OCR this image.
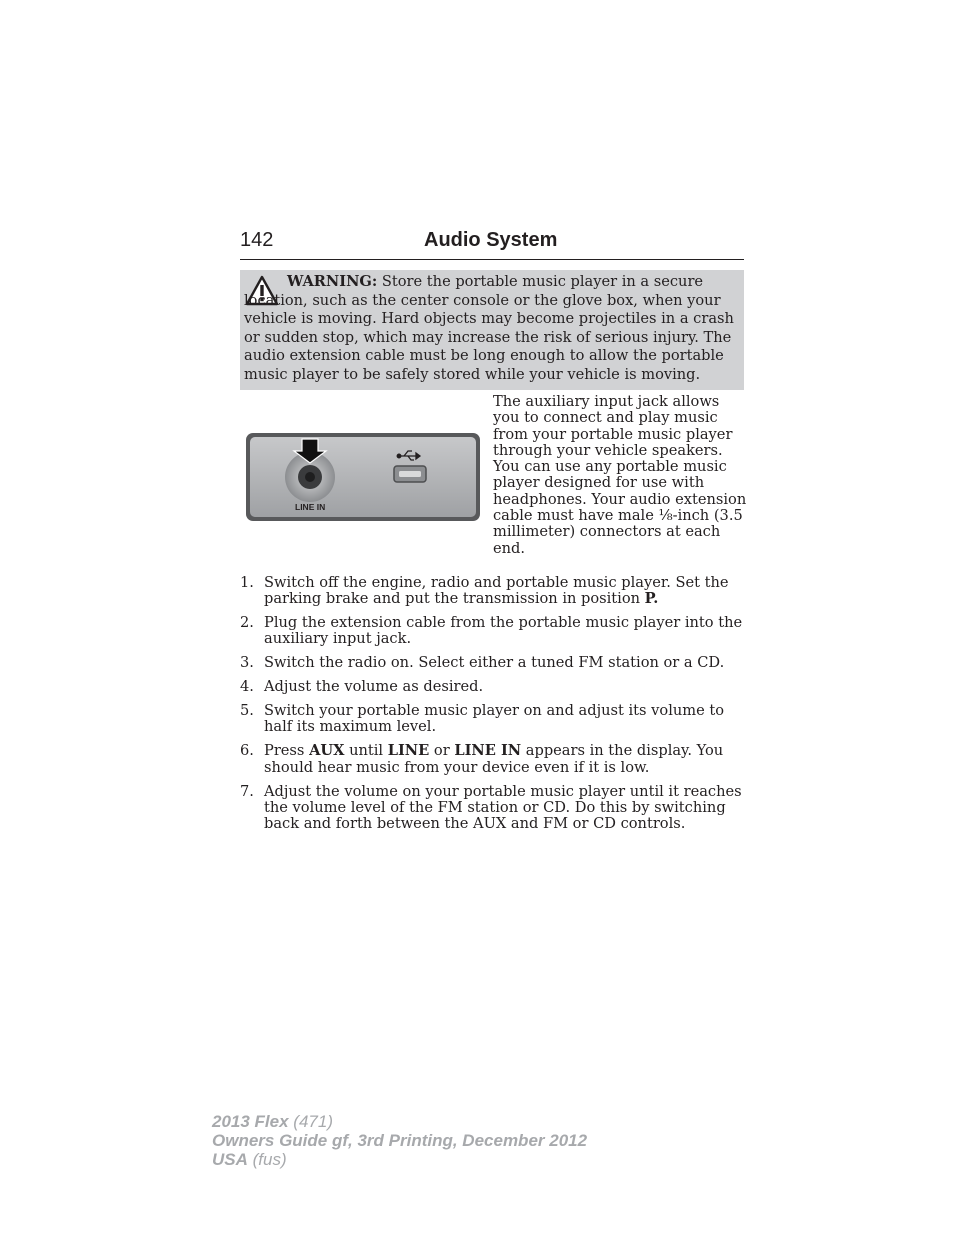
142	Audio System
WARNING: Store the portable music player in a secure location, such as the center console or the glove box, when your vehicle is moving. Hard objects may become projectiles in a crash or sudden stop, which may increase the risk of serious injury. The audio extension cable must be long enough to allow the portable music player to be safely stored while your vehicle is moving.
LINE IN
The auxiliary input jack allows you to connect and play music from your portable music player through your vehicle speakers. You can use any portable music player designed for use with headphones. Your audio extension cable must have male ⅛-inch (3.5 millimeter) connectors at each end.
1. Switch off the engine, radio and portable music player. Set the parking brake and put the transmission in position P.
2. Plug the extension cable from the portable music player into the auxiliary input jack.
3. Switch the radio on. Select either a tuned FM station or a CD.
4. Adjust the volume as desired.
5. Switch your portable music player on and adjust its volume to half its maximum level.
6. Press AUX until LINE or LINE IN appears in the display. You should hear music from your device even if it is low.
7. Adjust the volume on your portable music player until it reaches the volume level of the FM station or CD. Do this by switching back and forth between the AUX and FM or CD controls.
2013 Flex (471)
Owners Guide gf, 3rd Printing, December 2012
USA (fus)
